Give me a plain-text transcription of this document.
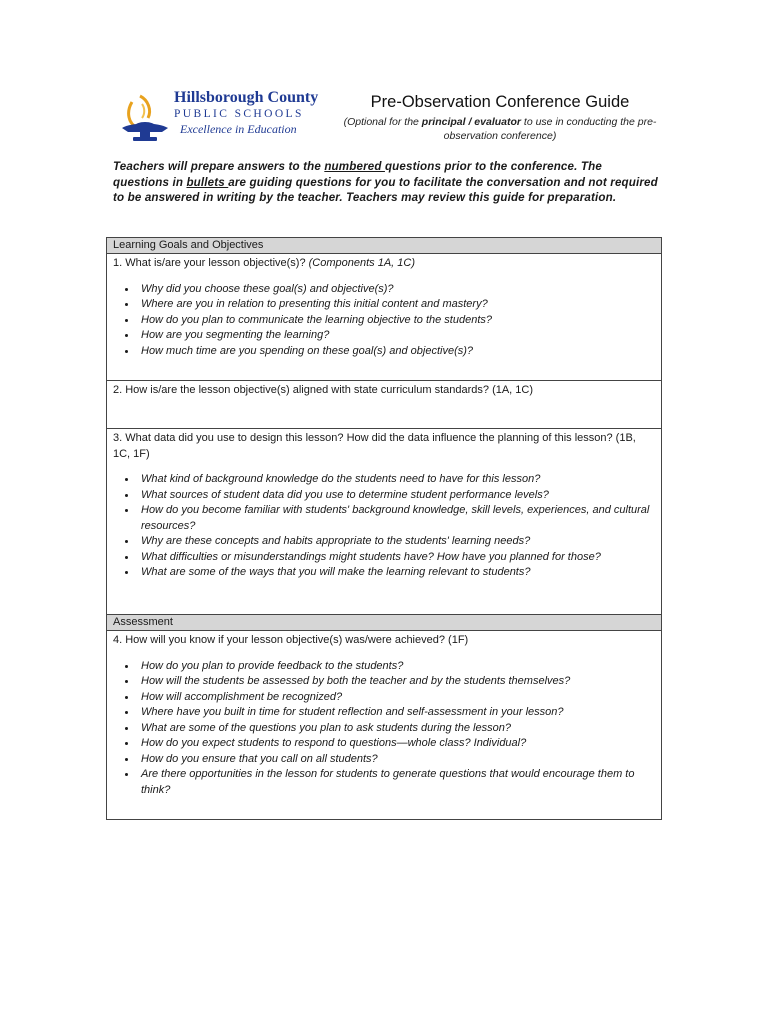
Hillsborough County
PUBLIC SCHOOLS
Excellence in Education
Pre-Observation Conference Guide
(Optional for the principal / evaluator to use in conducting the pre-observation conference)
Teachers will prepare answers to the numbered questions prior to the conference. The questions in bullets are guiding questions for you to facilitate the conversation and not required to be answered in writing by the teacher. Teachers may review this guide for preparation.
Learning Goals and Objectives

1. What is/are your lesson objective(s)? (Components 1A, 1C)

• Why did you choose these goal(s) and objective(s)?
• Where are you in relation to presenting this initial content and mastery?
• How do you plan to communicate the learning objective to the students?
• How are you segmenting the learning?
• How much time are you spending on these goal(s) and objective(s)?

2. How is/are the lesson objective(s) aligned with state curriculum standards? (1A, 1C)

3. What data did you use to design this lesson? How did the data influence the planning of this lesson? (1B, 1C, 1F)

• What kind of background knowledge do the students need to have for this lesson?
• What sources of student data did you use to determine student performance levels?
• How do you become familiar with students' background knowledge, skill levels, experiences, and cultural resources?
• Why are these concepts and habits appropriate to the students' learning needs?
• What difficulties or misunderstandings might students have? How have you planned for those?
• What are some of the ways that you will make the learning relevant to students?
Assessment

4. How will you know if your lesson objective(s) was/were achieved? (1F)

• How do you plan to provide feedback to the students?
• How will the students be assessed by both the teacher and by the students themselves?
• How will accomplishment be recognized?
• Where have you built in time for student reflection and self-assessment in your lesson?
• What are some of the questions you plan to ask students during the lesson?
• How do you expect students to respond to questions—whole class? Individual?
• How do you ensure that you call on all students?
• Are there opportunities in the lesson for students to generate questions that would encourage them to think?
